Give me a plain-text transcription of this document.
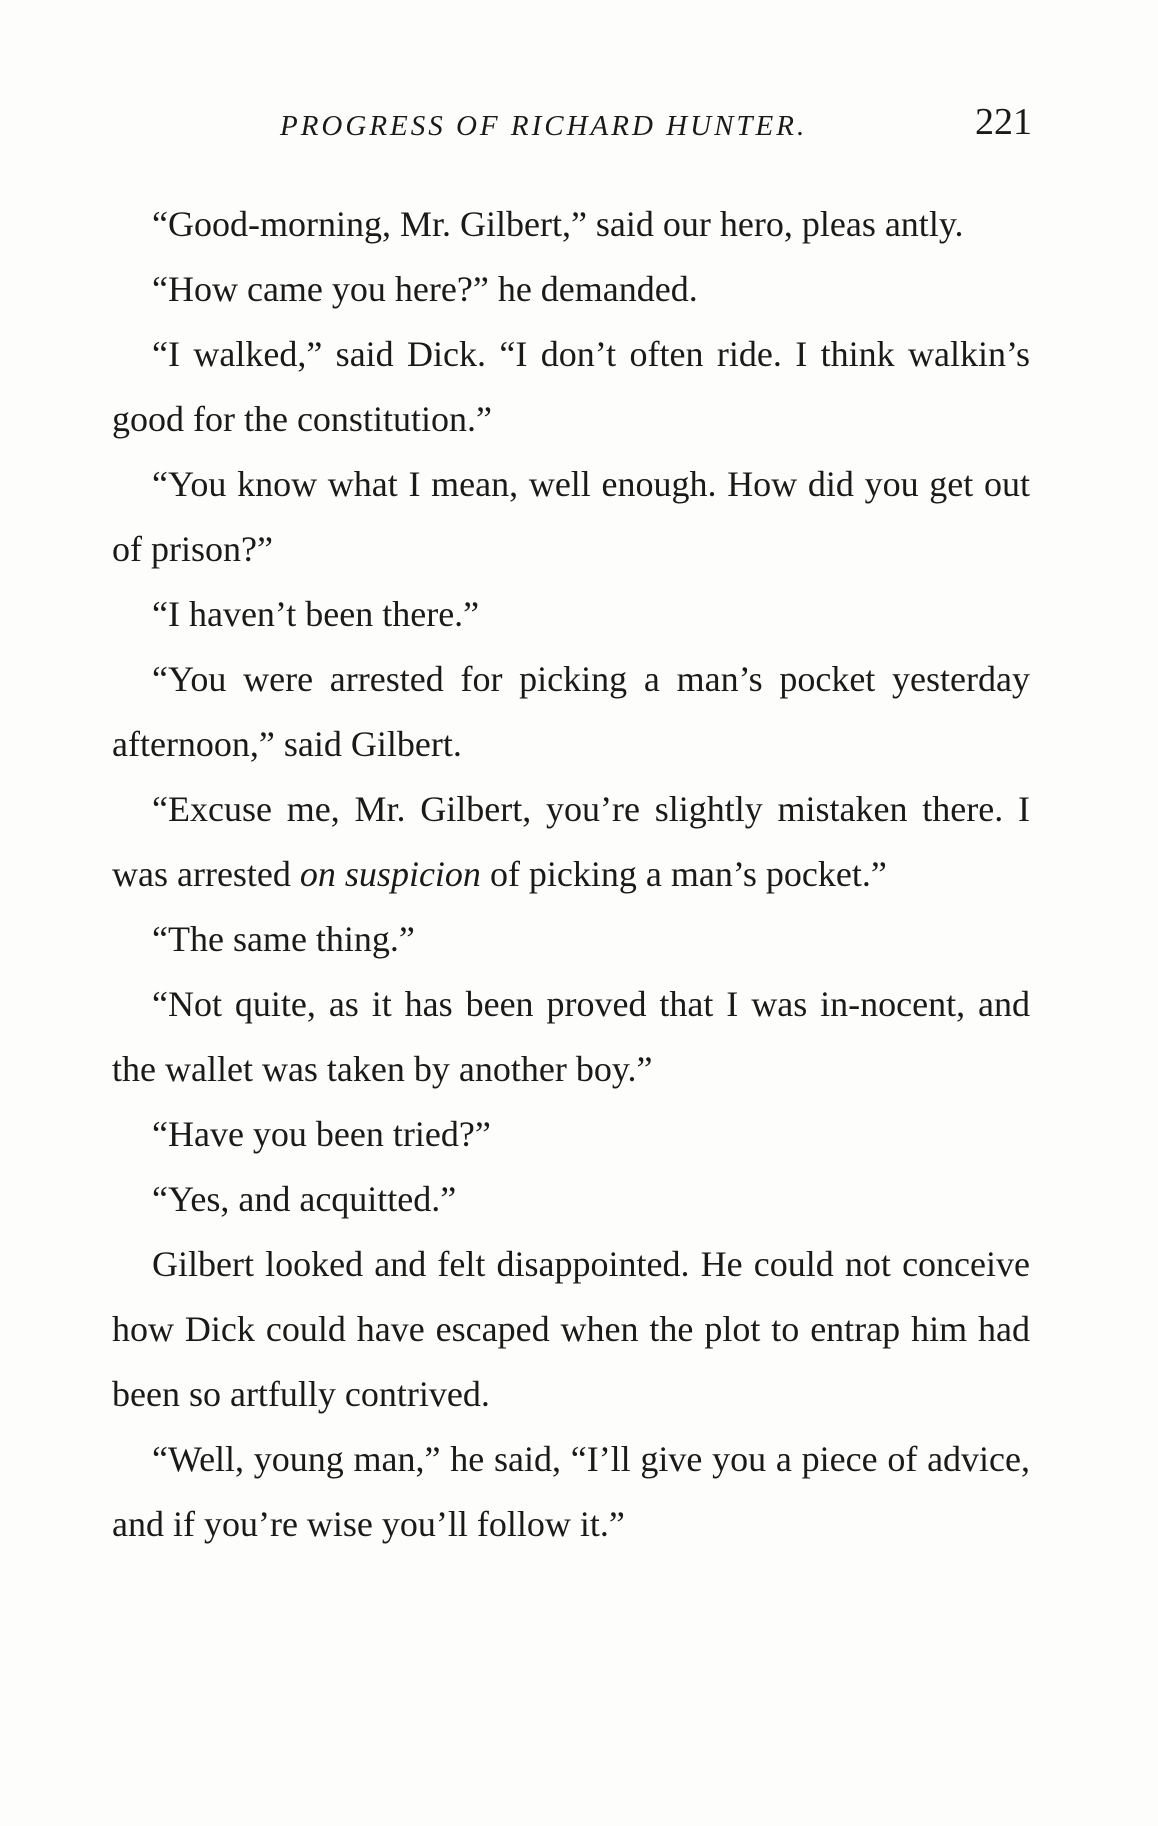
PROGRESS OF RICHARD HUNTER.	221

“Good-morning, Mr. Gilbert,” said our hero, pleas antly.

“How came you here?” he demanded.

“I walked,” said Dick. “I don’t often ride. I think walkin’s good for the constitution.”

“You know what I mean, well enough. How did you get out of prison?”

“I haven’t been there.”

“You were arrested for picking a man’s pocket yesterday afternoon,” said Gilbert.

“Excuse me, Mr. Gilbert, you’re slightly mistaken there. I was arrested on suspicion of picking a man’s pocket.”

“The same thing.”

“Not quite, as it has been proved that I was in-nocent, and the wallet was taken by another boy.”

“Have you been tried?”

“Yes, and acquitted.”

Gilbert looked and felt disappointed. He could not conceive how Dick could have escaped when the plot to entrap him had been so artfully contrived.

“Well, young man,” he said, “I’ll give you a piece of advice, and if you’re wise you’ll follow it.”
